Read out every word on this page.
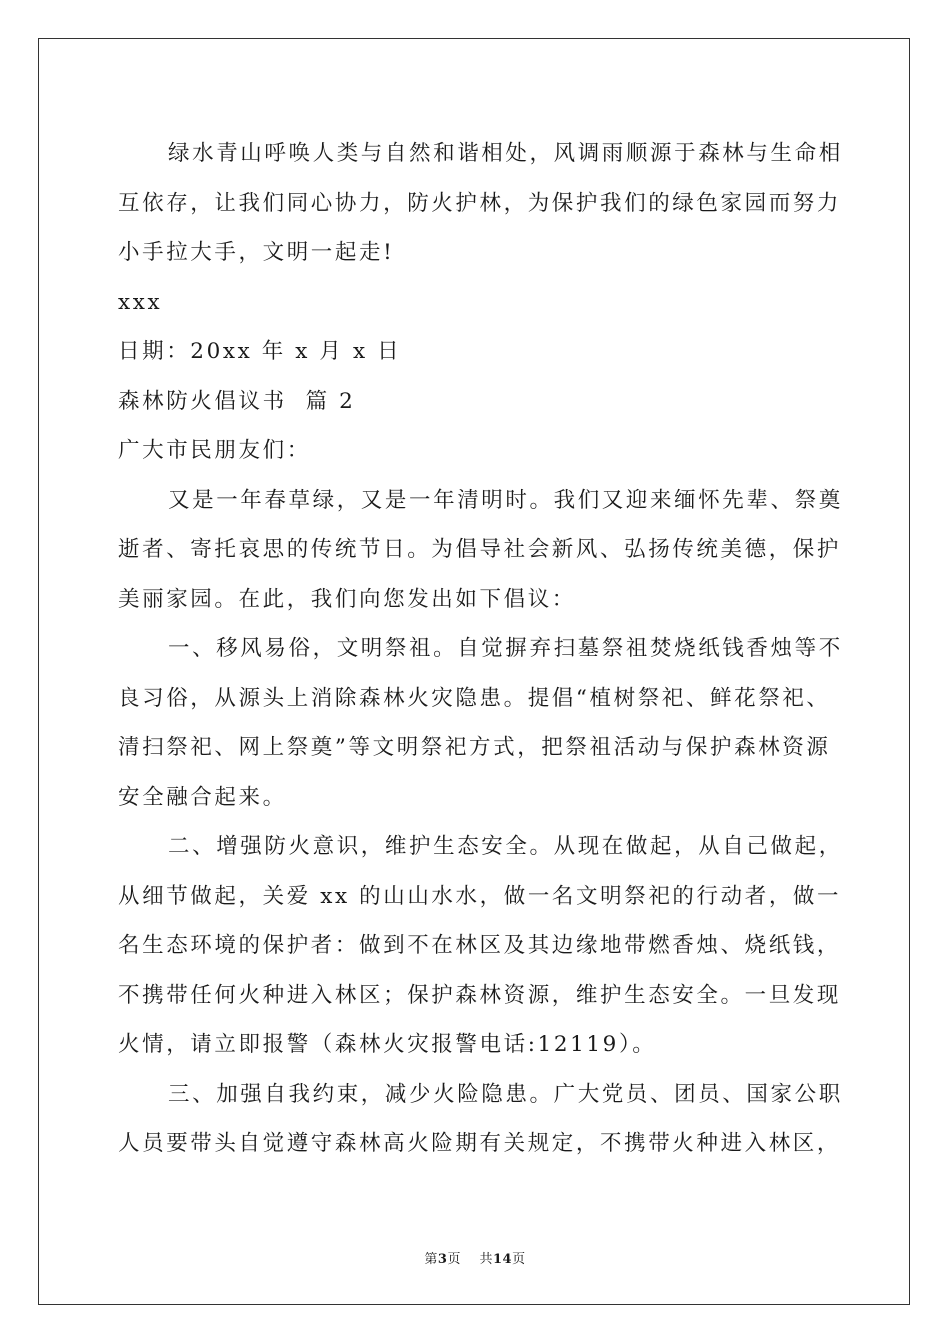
绿水青山呼唤人类与自然和谐相处，风调雨顺源于森林与生命相
互依存，让我们同心协力，防火护林，为保护我们的绿色家园而努力
小手拉大手，文明一起走!

xxx

日期：20xx 年 x 月 x 日

森林防火倡议书  篇 2

广大市民朋友们：

又是一年春草绿，又是一年清明时。我们又迎来缅怀先辈、祭奠
逝者、寄托哀思的传统节日。为倡导社会新风、弘扬传统美德，保护
美丽家园。在此，我们向您发出如下倡议：

一、移风易俗，文明祭祖。自觉摒弃扫墓祭祖焚烧纸钱香烛等不
良习俗，从源头上消除森林火灾隐患。提倡“植树祭祀、鲜花祭祀、
清扫祭祀、网上祭奠”等文明祭祀方式，把祭祖活动与保护森林资源
安全融合起来。

二、增强防火意识，维护生态安全。从现在做起，从自己做起，
从细节做起，关爱 xx 的山山水水，做一名文明祭祀的行动者，做一
名生态环境的保护者：做到不在林区及其边缘地带燃香烛、烧纸钱，
不携带任何火种进入林区；保护森林资源，维护生态安全。一旦发现
火情，请立即报警（森林火灾报警电话:12119）。

三、加强自我约束，减少火险隐患。广大党员、团员、国家公职
人员要带头自觉遵守森林高火险期有关规定，不携带火种进入林区，

第3页 共14页
